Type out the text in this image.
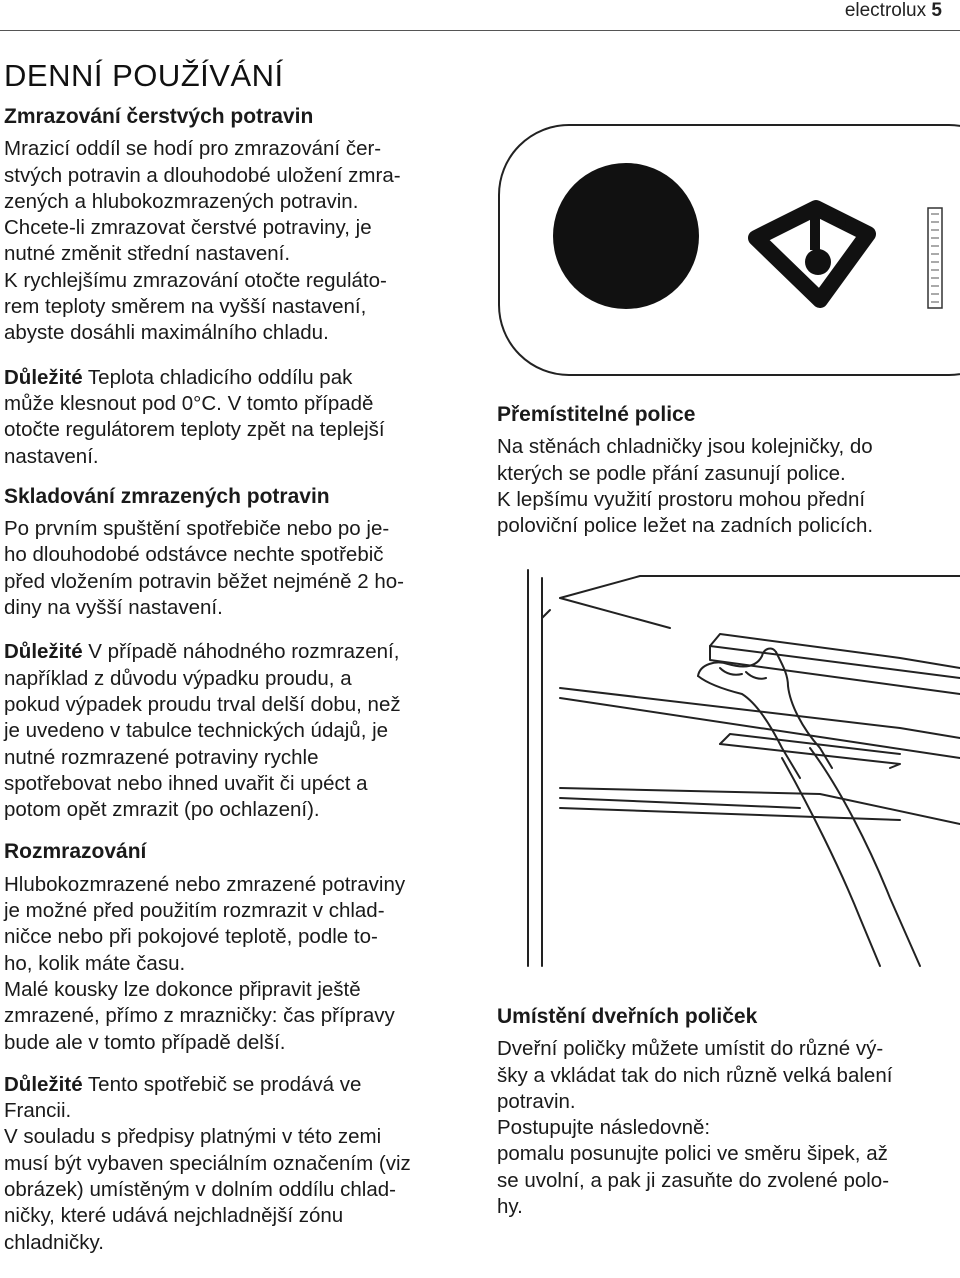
electrolux 5
DENNÍ POUŽÍVÁNÍ
Zmrazování čerstvých potravin

Mrazicí oddíl se hodí pro zmrazování čer-

stvých potravin a dlouhodobé uložení zmra-

zených a hlubokozmrazených potravin.

Chcete-li zmrazovat čerstvé potraviny, je

nutné změnit střední nastavení.

K rychlejšímu zmrazování otočte reguláto-

rem teploty směrem na vyšší nastavení,

abyste dosáhli maximálního chladu.

Důležité Teplota chladicího oddílu pak

může klesnout pod 0°C. V tomto případě

otočte regulátorem teploty zpět na teplejší

nastavení.

Skladování zmrazených potravin

Po prvním spuštění spotřebiče nebo po je-

ho dlouhodobé odstávce nechte spotřebič

před vložením potravin běžet nejméně 2 ho-

diny na vyšší nastavení.

Důležité V případě náhodného rozmrazení,

například z důvodu výpadku proudu, a

pokud výpadek proudu trval delší dobu, než

je uvedeno v tabulce technických údajů, je

nutné rozmrazené potraviny rychle

spotřebovat nebo ihned uvařit či upéct a

potom opět zmrazit (po ochlazení).

Rozmrazování

Hlubokozmrazené nebo zmrazené potraviny

je možné před použitím rozmrazit v chlad-

ničce nebo při pokojové teplotě, podle to-

ho, kolik máte času.

Malé kousky lze dokonce připravit ještě

zmrazené, přímo z mrazničky: čas přípravy

bude ale v tomto případě delší.

Důležité Tento spotřebič se prodává ve

Francii.

V souladu s předpisy platnými v této zemi

musí být vybaven speciálním označením (viz

obrázek) umístěným v dolním oddílu chlad-

ničky, které udává nejchladnější zónu

chladničky.

Přemístitelné police

Na stěnách chladničky jsou kolejničky, do

kterých se podle přání zasunují police.

K lepšímu využití prostoru mohou přední

poloviční police ležet na zadních policích.

Umístění dveřních poliček

Dveřní poličky můžete umístit do různé vý-

šky a vkládat tak do nich různě velká balení

potravin.

Postupujte následovně:

pomalu posunujte polici ve směru šipek, až

se uvolní, a pak ji zasuňte do zvolené polo-

hy.
